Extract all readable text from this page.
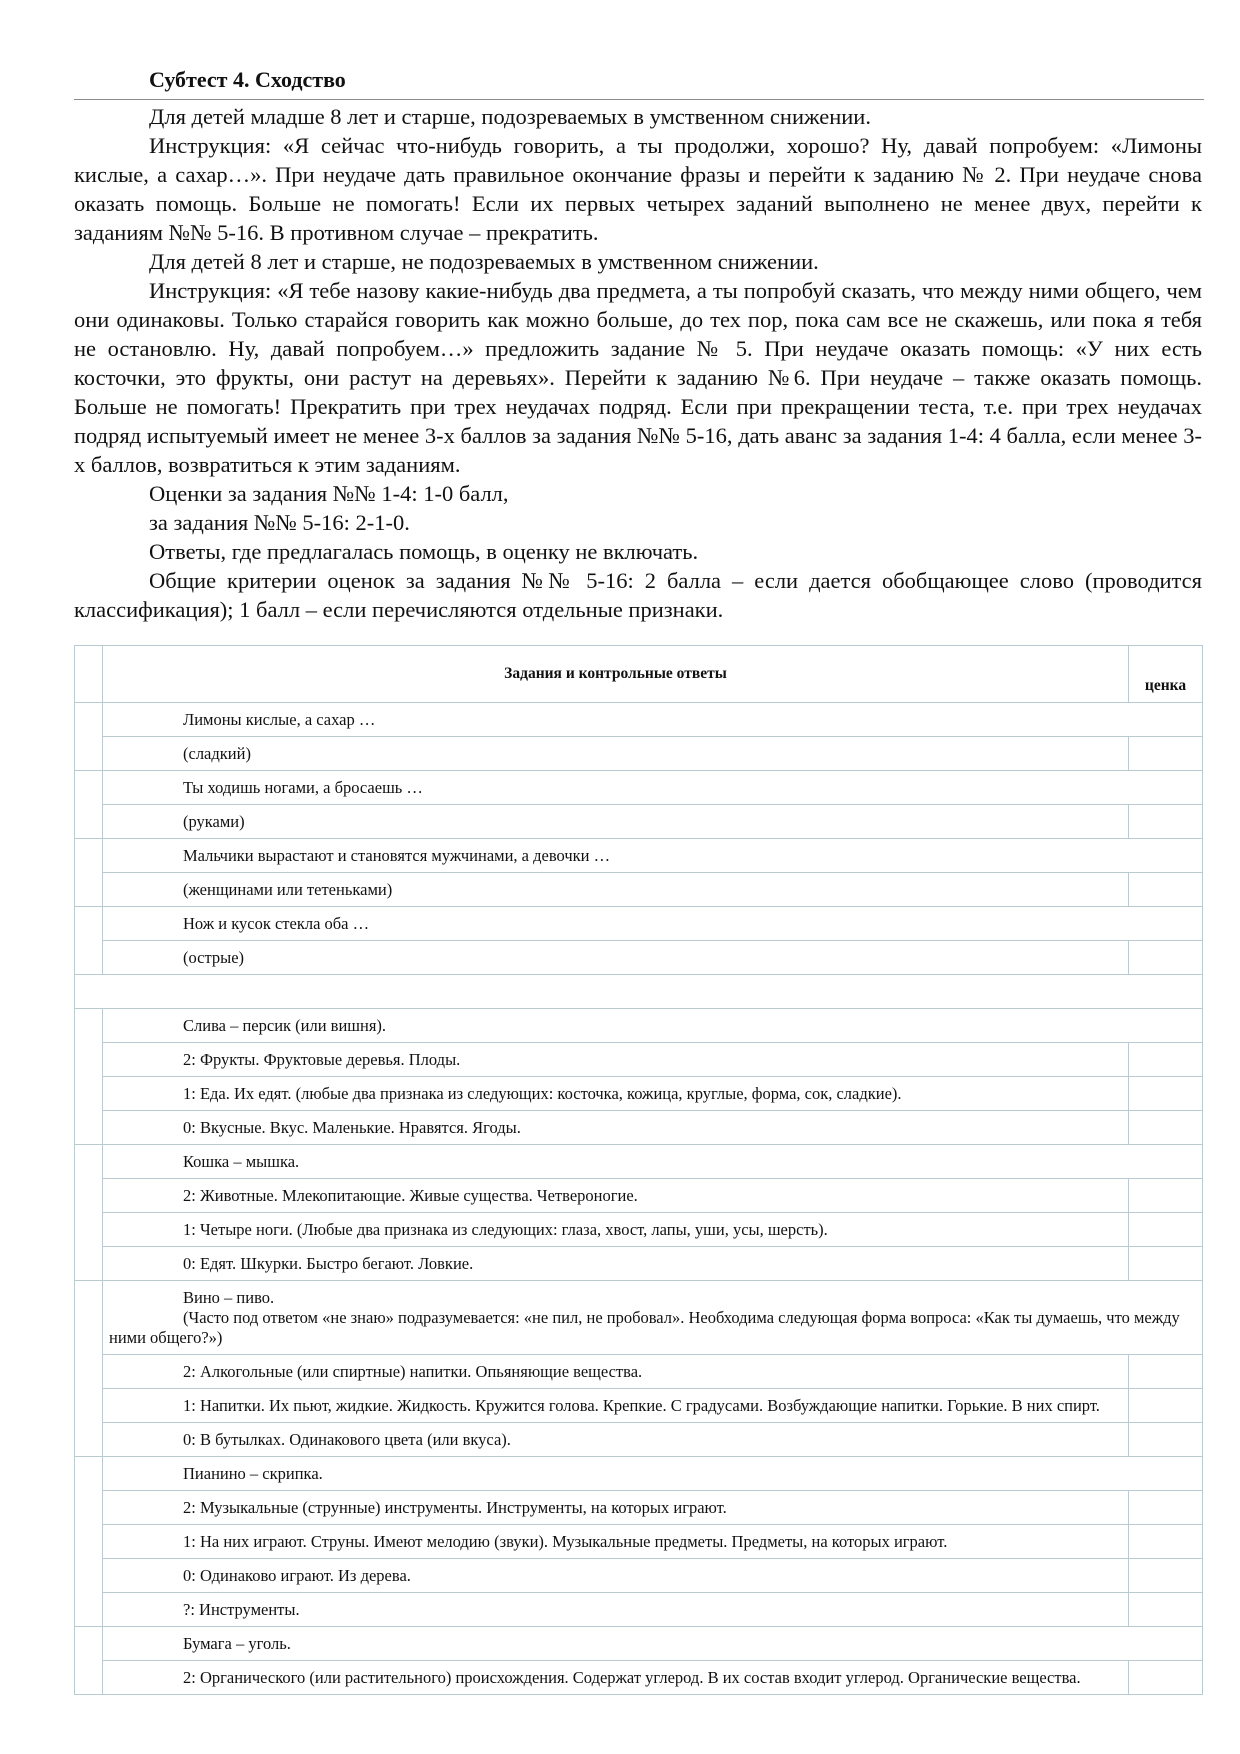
Субтест 4. Сходство

Для детей младше 8 лет и старше, подозреваемых в умственном снижении.

Инструкция: «Я сейчас что-нибудь говорить, а ты продолжи, хорошо? Ну, давай попробуем: «Лимоны кислые, а сахар…». При неудаче дать правильное окончание фразы и перейти к заданию № 2. При неудаче снова оказать помощь. Больше не помогать! Если их первых четырех заданий выполнено не менее двух, перейти к заданиям №№ 5-16. В противном случае – прекратить.

Для детей 8 лет и старше, не подозреваемых в умственном снижении.

Инструкция: «Я тебе назову какие-нибудь два предмета, а ты попробуй сказать, что между ними общего, чем они одинаковы. Только старайся говорить как можно больше, до тех пор, пока сам все не скажешь, или пока я тебя не остановлю. Ну, давай попробуем…» предложить задание № 5. При неудаче оказать помощь: «У них есть косточки, это фрукты, они растут на деревьях». Перейти к заданию №6. При неудаче – также оказать помощь. Больше не помогать! Прекратить при трех неудачах подряд. Если при прекращении теста, т.е. при трех неудачах подряд испытуемый имеет не менее 3-х баллов за задания №№ 5-16, дать аванс за задания 1-4: 4 балла, если менее 3-х баллов, возвратиться к этим заданиям.

Оценки за задания №№ 1-4: 1-0 балл,

за задания №№ 5-16: 2-1-0.

Ответы, где предлагалась помощь, в оценку не включать.

Общие критерии оценок за задания №№ 5-16: 2 балла – если дается обобщающее слово (проводится классификация); 1 балл – если перечисляются отдельные признаки.

	Задания и контрольные ответы	ценка

	Лимоны кислые, а сахар …	

	(сладкий)	

	Ты ходишь ногами, а бросаешь …	

	(руками)	

	Мальчики вырастают и становятся мужчинами, а девочки …	

	(женщинами или тетеньками)	

	Нож и кусок стекла оба …	

	(острые)	

	Слива – персик (или вишня).	

	2: Фрукты. Фруктовые деревья. Плоды.	

	1: Еда. Их едят. (любые два признака из следующих: косточка, кожица, круглые, форма, сок, сладкие).	

	0: Вкусные. Вкус. Маленькие. Нравятся. Ягоды.	

	Кошка – мышка.	

	2: Животные. Млекопитающие. Живые существа. Четвероногие.	

	1: Четыре ноги. (Любые два признака из следующих: глаза, хвост, лапы, уши, усы, шерсть).	

	0: Едят. Шкурки. Быстро бегают. Ловкие.	

	Вино – пиво.
(Часто под ответом «не знаю» подразумевается: «не пил, не пробовал». Необходима следующая форма вопроса: «Как ты думаешь, что между ними общего?»)	

	2: Алкогольные (или спиртные) напитки. Опьяняющие вещества.	

	1: Напитки. Их пьют, жидкие. Жидкость. Кружится голова. Крепкие. С градусами. Возбуждающие напитки. Горькие. В них спирт.	

	0: В бутылках. Одинакового цвета (или вкуса).	

	Пианино – скрипка.	

	2: Музыкальные (струнные) инструменты. Инструменты, на которых играют.	

	1: На них играют. Струны. Имеют мелодию (звуки). Музыкальные предметы. Предметы, на которых играют.	

	0: Одинаково играют. Из дерева.	

	?: Инструменты.	

	Бумага – уголь.	

	2: Органического (или растительного) происхождения. Содержат углерод. В их состав входит углерод. Органические вещества.	
